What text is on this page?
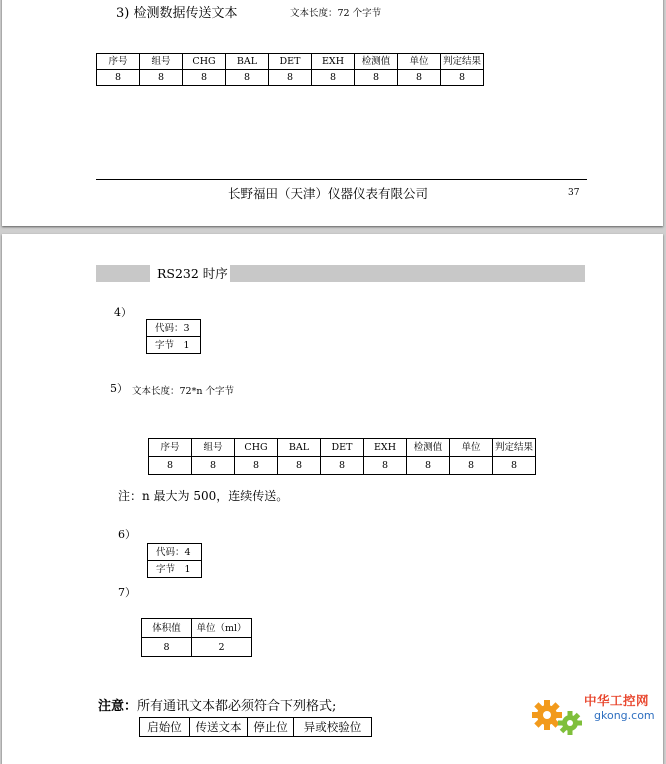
3) 检测数据传送文本	文本长度：72 个字节
序号	组号	CHG	BAL	DET	EXH	检测值	单位	判定结果
8	8	8	8	8	8	8	8	8
长野福田（天津）仪器仪表有限公司	37
RS232 时序
4）
代码：3
字节　1
5） 文本长度：72*n 个字节
序号	组号	CHG	BAL	DET	EXH	检测值	单位	判定结果
8	8	8	8	8	8	8	8	8
注：n 最大为 500，连续传送。
6）
代码：4
字节　1
7）
体积值	单位（ml）
8	2
注意：所有通讯文本都必须符合下列格式;
启始位	传送文本	停止位	异或校验位
中华工控网
gkong.com
